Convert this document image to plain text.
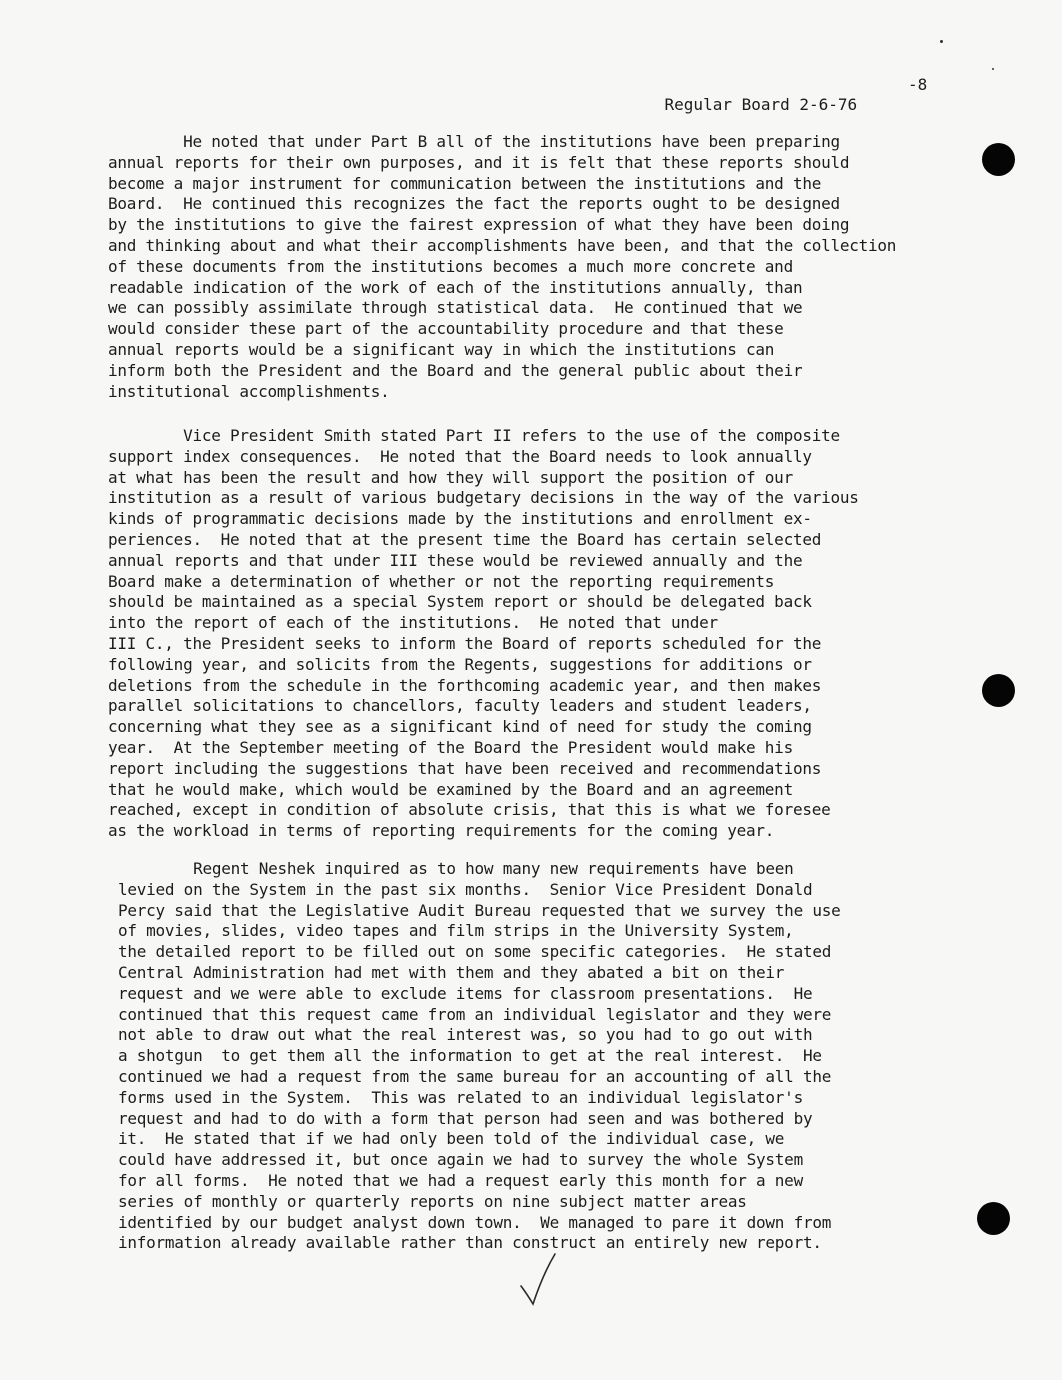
Regular Board 2-6-76

-8

He noted that under Part B all of the institutions have been preparing
annual reports for their own purposes, and it is felt that these reports should
become a major instrument for communication between the institutions and the
Board.  He continued this recognizes the fact the reports ought to be designed
by the institutions to give the fairest expression of what they have been doing
and thinking about and what their accomplishments have been, and that the collection
of these documents from the institutions becomes a much more concrete and
readable indication of the work of each of the institutions annually, than
we can possibly assimilate through statistical data.  He continued that we
would consider these part of the accountability procedure and that these
annual reports would be a significant way in which the institutions can
inform both the President and the Board and the general public about their
institutional accomplishments.
Vice President Smith stated Part II refers to the use of the composite
support index consequences.  He noted that the Board needs to look annually
at what has been the result and how they will support the position of our
institution as a result of various budgetary decisions in the way of the various
kinds of programmatic decisions made by the institutions and enrollment ex-
periences.  He noted that at the present time the Board has certain selected
annual reports and that under III these would be reviewed annually and the
Board make a determination of whether or not the reporting requirements
should be maintained as a special System report or should be delegated back
into the report of each of the institutions.  He noted that under
III C., the President seeks to inform the Board of reports scheduled for the
following year, and solicits from the Regents, suggestions for additions or
deletions from the schedule in the forthcoming academic year, and then makes
parallel solicitations to chancellors, faculty leaders and student leaders,
concerning what they see as a significant kind of need for study the coming
year.  At the September meeting of the Board the President would make his
report including the suggestions that have been received and recommendations
that he would make, which would be examined by the Board and an agreement
reached, except in condition of absolute crisis, that this is what we foresee
as the workload in terms of reporting requirements for the coming year.
Regent Neshek inquired as to how many new requirements have been
levied on the System in the past six months.  Senior Vice President Donald
Percy said that the Legislative Audit Bureau requested that we survey the use
of movies, slides, video tapes and film strips in the University System,
the detailed report to be filled out on some specific categories.  He stated
Central Administration had met with them and they abated a bit on their
request and we were able to exclude items for classroom presentations.  He
continued that this request came from an individual legislator and they were
not able to draw out what the real interest was, so you had to go out with
a shotgun  to get them all the information to get at the real interest.  He
continued we had a request from the same bureau for an accounting of all the
forms used in the System.  This was related to an individual legislator's
request and had to do with a form that person had seen and was bothered by
it.  He stated that if we had only been told of the individual case, we
could have addressed it, but once again we had to survey the whole System
for all forms.  He noted that we had a request early this month for a new
series of monthly or quarterly reports on nine subject matter areas
identified by our budget analyst down town.  We managed to pare it down from
information already available rather than construct an entirely new report.
